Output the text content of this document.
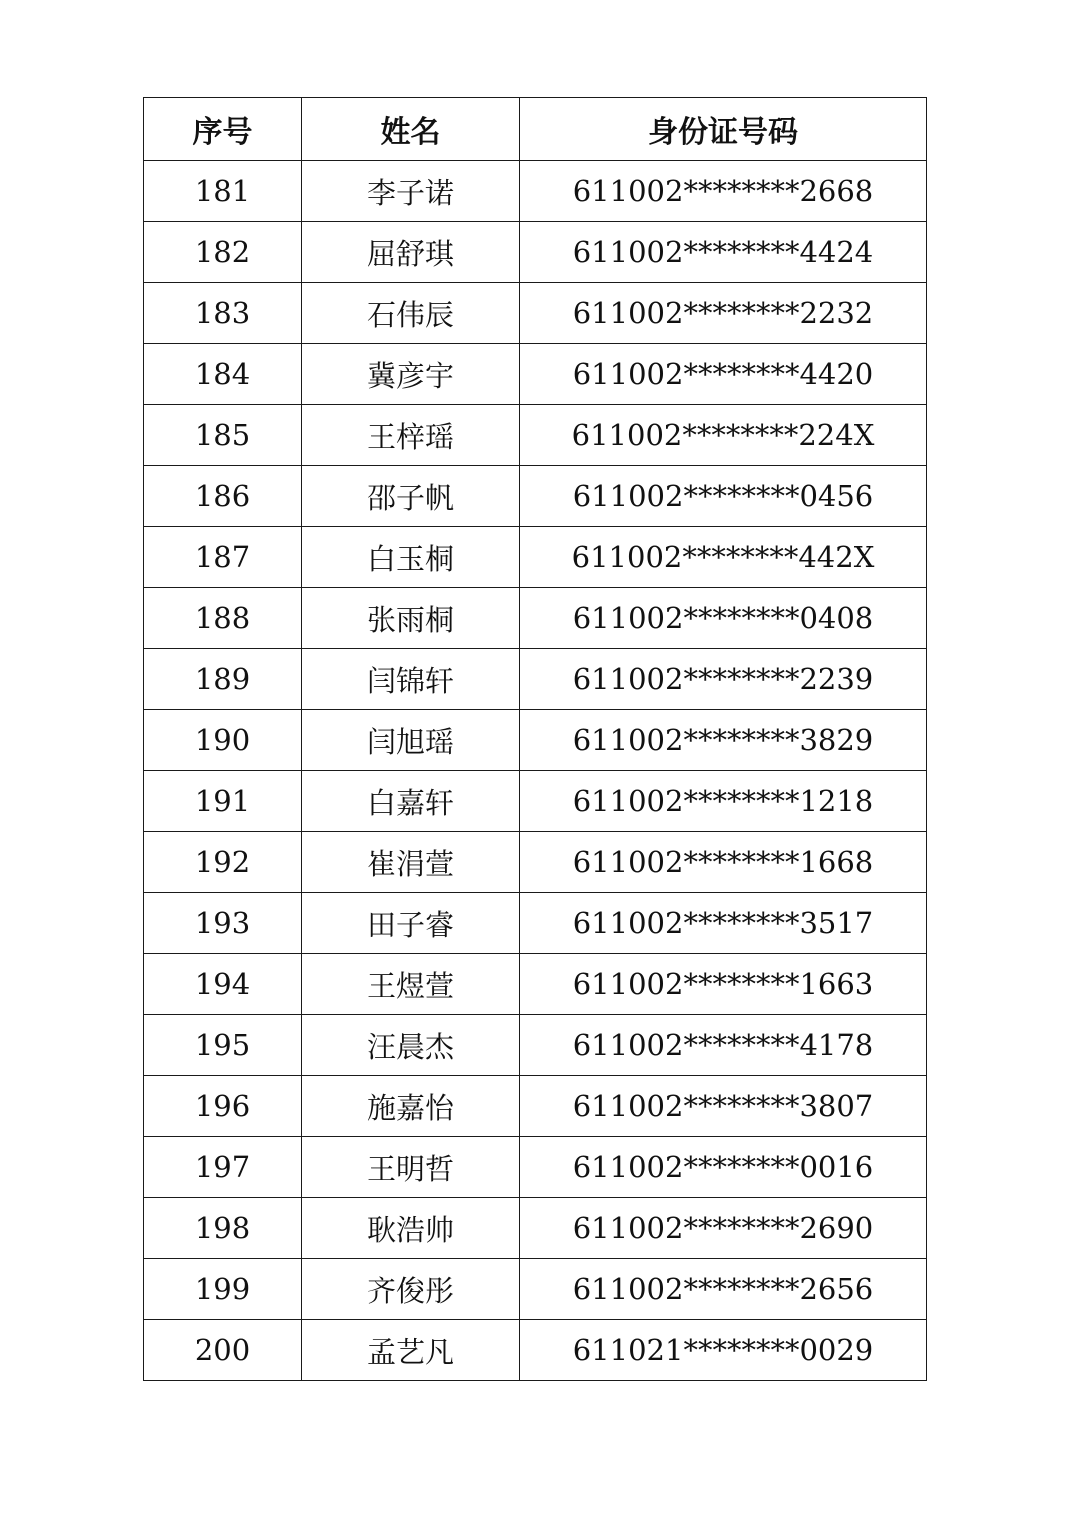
序号	姓名	身份证号码
181	李子诺	611002********2668
182	屈舒琪	611002********4424
183	石伟辰	611002********2232
184	冀彦宇	611002********4420
185	王梓瑶	611002********224X
186	邵子帆	611002********0456
187	白玉桐	611002********442X
188	张雨桐	611002********0408
189	闫锦轩	611002********2239
190	闫旭瑶	611002********3829
191	白嘉轩	611002********1218
192	崔涓萱	611002********1668
193	田子睿	611002********3517
194	王煜萱	611002********1663
195	汪晨杰	611002********4178
196	施嘉怡	611002********3807
197	王明哲	611002********0016
198	耿浩帅	611002********2690
199	齐俊彤	611002********2656
200	孟艺凡	611021********0029
